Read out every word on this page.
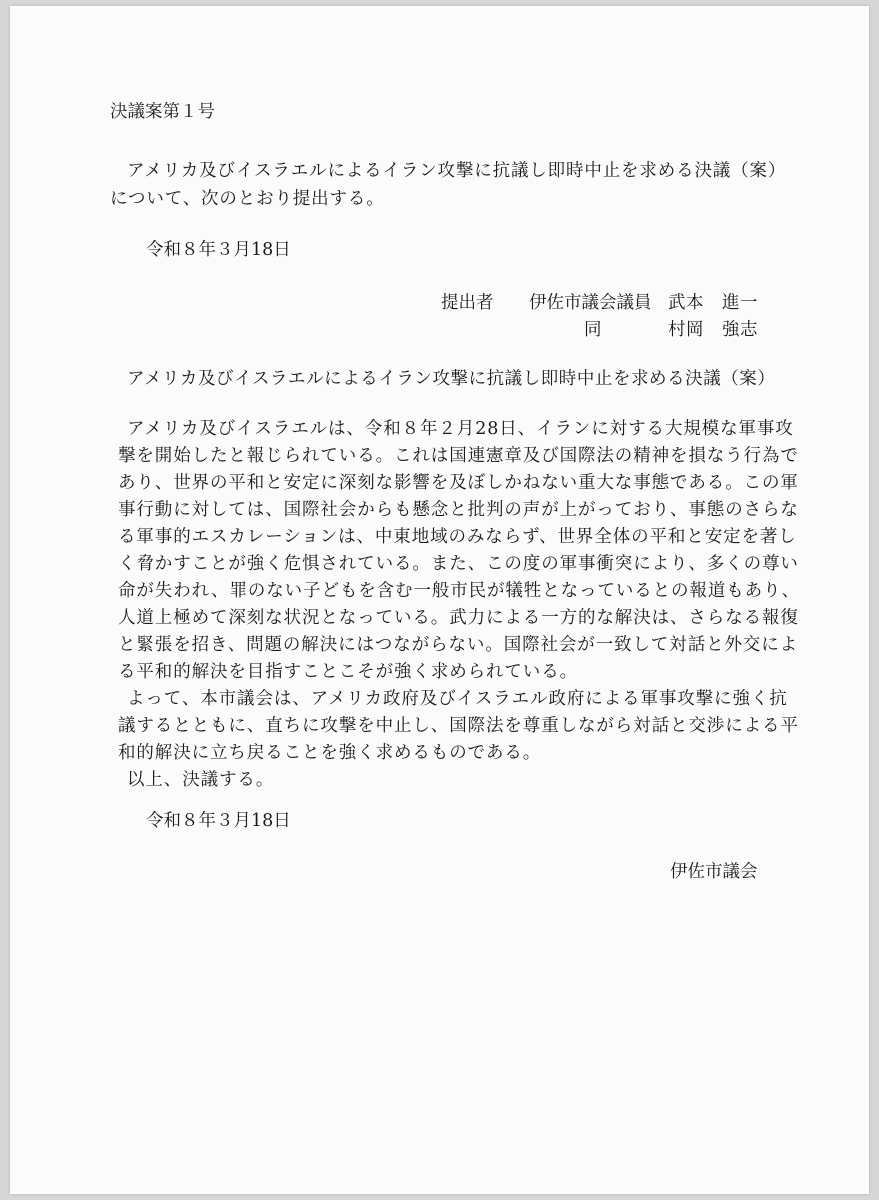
決議案第１号
アメリカ及びイスラエルによるイラン攻撃に抗議し即時中止を求める決議（案）
について、次のとおり提出する。
令和８年３月18日
提出者 伊佐市議会議員 武本　進一
同	村岡　強志
アメリカ及びイスラエルによるイラン攻撃に抗議し即時中止を求める決議（案）
アメリカ及びイスラエルは、令和８年２月28日、イランに対する大規模な軍事攻
撃を開始したと報じられている。これは国連憲章及び国際法の精神を損なう行為で
あり、世界の平和と安定に深刻な影響を及ぼしかねない重大な事態である。この軍
事行動に対しては、国際社会からも懸念と批判の声が上がっており、事態のさらな
る軍事的エスカレーションは、中東地域のみならず、世界全体の平和と安定を著し
く脅かすことが強く危惧されている。また、この度の軍事衝突により、多くの尊い
命が失われ、罪のない子どもを含む一般市民が犠牲となっているとの報道もあり、
人道上極めて深刻な状況となっている。武力による一方的な解決は、さらなる報復
と緊張を招き、問題の解決にはつながらない。国際社会が一致して対話と外交によ
る平和的解決を目指すことこそが強く求められている。
よって、本市議会は、アメリカ政府及びイスラエル政府による軍事攻撃に強く抗
議するとともに、直ちに攻撃を中止し、国際法を尊重しながら対話と交渉による平
和的解決に立ち戻ることを強く求めるものである。
以上、決議する。
令和８年３月18日
伊佐市議会
